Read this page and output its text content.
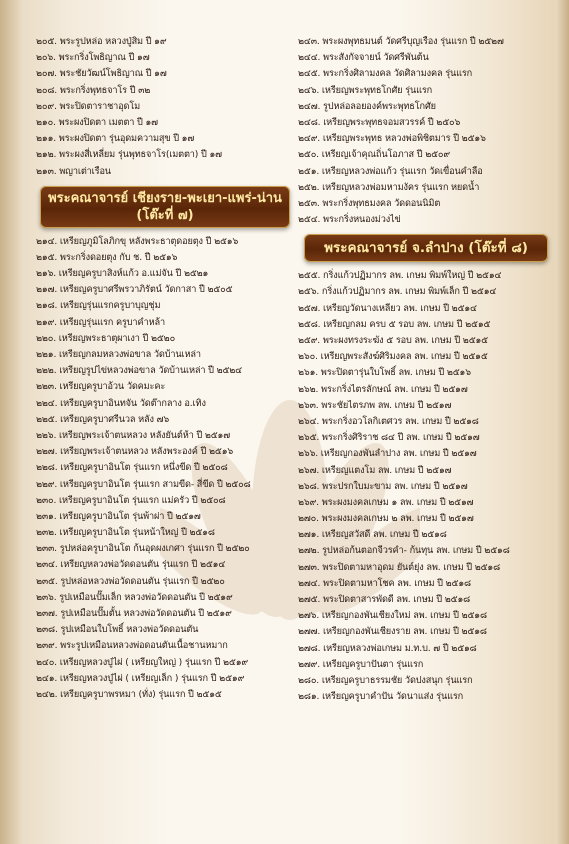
๒๐๕. พระรูปหล่อ หลวงปู่สิม ปี ๑๙
๒๐๖. พระกริ่งโพธิญาณ ปี ๑๗
๒๐๗. พระชัยวัฒน์โพธิญาณ ปี ๑๗
๒๐๘. พระกริ่งพุทธจาโร ปี ๓๒
๒๐๙. พระปิดตาราชาอุดโม
๒๑๐. พระผงปิดตา เมตตา ปี ๑๗
๒๑๑. พระผงปิดตา รุ่นอุดมความสุข ปี ๑๗
๒๑๒. พระผงสี่เหลี่ยม รุ่นพุทธจาโร(เมตตา) ปี ๑๗
๒๑๓. พญาเต่าเรือน
พระคณาจารย์ เชียงราย-พะเยา-แพร่-น่าน (โต๊ะที่ ๗)
๒๑๔. เหรียญภูมิโลภิกขุ หลังพระธาตุดอยตุง ปี ๒๕๑๖
๒๑๕. พระกริ่งดอยตุง กับ ช. ปี ๒๕๑๖
๒๑๖. เหรียญครูบาสิงห์แก้ว อ.แม่จัน ปี ๒๕๒๑
๒๑๗. เหรียญครูบาศรีพรวาภิรัตน์ วัดกาสา ปี ๒๕๐๕
๒๑๘. เหรียญรุ่นแรกครูบาบุญชุ่ม
๒๑๙. เหรียญรุ่นแรก ครูบาคำหล้า
๒๒๐. เหรียญพระธาตุผาเงา ปี ๒๕๒๐
๒๒๑. เหรียญกลมหลวงพ่อขาล วัดบ้านเหล่า
๒๒๒. เหรียญรูปไข่หลวงพ่อขาล วัดบ้านเหล่า ปี ๒๕๒๔
๒๒๓. เหรียญครูบาอ้วน วัดคมะคะ
๒๒๔. เหรียญครูบาอินทจัน วัดต๊ากลาง อ.เทิง
๒๒๕. เหรียญครูบาศรีนวล หลัง ๗๖
๒๒๖. เหรียญพระเจ้าตนหลวง หลังยันต์ห้า ปี ๒๕๑๗
๒๒๗. เหรียญพระเจ้าตนหลวง หลังพระองค์ ปี ๒๕๑๖
๒๒๘. เหรียญครูบาอินโต รุ่นแรก หนึ่งขีด ปี ๒๕๐๘
๒๒๙. เหรียญครูบาอินโต รุ่นแรก สามขีด- สี่ขีด ปี ๒๕๐๘
๒๓๐. เหรียญครูบาอินโต รุ่นแรก แม่ครัว ปี ๒๕๐๘
๒๓๑. เหรียญครูบาอินโต รุ่นพ้าผ่า ปี ๒๕๑๗
๒๓๒. เหรียญครูบาอินโต รุ่นหน้าใหญ่ ปี ๒๕๑๘
๒๓๓. รูปหล่อครูบาอินโต ก้นอุดผงเกศา รุ่นแรก ปี ๒๕๒๐
๒๓๔. เหรียญหลวงพ่อวัดดอนตัน รุ่นแรก ปี ๒๕๑๔
๒๓๕. รูปหล่อหลวงพ่อวัดดอนตัน รุ่นแรก ปี ๒๕๒๐
๒๓๖. รูปเหมือนปั๊มเล็ก หลวงพ่อวัดดอนตัน ปี ๒๕๑๙
๒๓๗. รูปเหมือนปั๊มตั้น หลวงพ่อวัดดอนตัน ปี ๒๕๑๙
๒๓๘. รูปเหมือนใบโพธิ์ หลวงพ่อวัดดอนตัน
๒๓๙. พระรูปเหมือนหลวงพ่อดอนตันเนื้อชานหมาก
๒๔๐. เหรียญหลวงปู่ไผ่ ( เหรียญใหญ่ ) รุ่นแรก ปี ๒๕๑๙
๒๔๑. เหรียญหลวงปู่ไผ่ ( เหรียญเล็ก ) รุ่นแรก ปี ๒๕๑๙
๒๔๒. เหรียญครูบาพรหมา (ทั่ง) รุ่นแรก ปี ๒๕๑๕
๒๔๓. พระผงพุทธมนต์ วัดศรีบุญเรือง รุ่นแรก ปี ๒๕๒๗
๒๔๔. พระสังกัจจายน์ วัดศรีพันต้น
๒๔๕. พระกริ่งศิลามงคล วัดศิลามงคล รุ่นแรก
๒๔๖. เหรียญพระพุทธโกศัย รุ่นแรก
๒๔๗. รูปหล่อลอยองค์พระพุทธโกศัย
๒๔๘. เหรียญพระพุทธจอมสวรรค์ ปี ๒๕๐๖
๒๔๙. เหรียญพระพุทธ หลวงพ่อพิชิตมาร ปี ๒๕๑๖
๒๕๐. เหรียญเจ้าคุณถิ่นโอภาส ปี ๒๕๐๙
๒๕๑. เหรียญหลวงพ่อแก้ว รุ่นแรก วัดเขื่อนคำลือ
๒๕๒. เหรียญหลวงพ่อมหามงัคร รุ่นแรก หยดน้ำ
๒๕๓. พระกริ่งพุทธมงคล วัดดอนนิมิต
๒๕๔. พระกริ่งหนองม่วงไข่
พระคณาจารย์ จ.ลำปาง (โต๊ะที่ ๘)
๒๕๕. กริ่งแก้วปฏิมากร ลพ. เกษม พิมพ์ใหญ่ ปี ๒๕๑๔
๒๕๖. กริ่งแก้วปฏิมากร ลพ. เกษม พิมพ์เล็ก ปี ๒๕๑๔
๒๕๗. เหรียญวัดนางเหลียว ลพ. เกษม ปี ๒๕๑๔
๒๕๘. เหรียญกลม ครบ ๕ รอบ ลพ. เกษม ปี ๒๕๑๕
๒๕๙. พระผงทรงระฆัง ๕ รอบ ลพ. เกษม ปี ๒๕๑๕
๒๖๐. เหรียญพระสังฆ์ศิริมงคล ลพ. เกษม ปี ๒๕๑๕
๒๖๑. พระปิดตารุ่นใบโพธิ์ ลพ. เกษม ปี ๒๕๑๖
๒๖๒. พระกริ่งไตรลักษณ์ ลพ. เกษม ปี ๒๕๑๗
๒๖๓. พระชัยไตรภพ ลพ. เกษม ปี ๒๕๑๗
๒๖๔. พระกริ่งอวโลกิเตศวร ลพ. เกษม ปี ๒๕๑๘
๒๖๕. พระกริ่งศิริราช ๘๔ ปี ลพ. เกษม ปี ๒๕๑๗
๒๖๖. เหรียญกองพันลำปาง ลพ. เกษม ปี ๒๕๑๗
๒๖๗. เหรียญแตงโม ลพ. เกษม ปี ๒๕๑๗
๒๖๘. พระปรกใบมะขาม ลพ. เกษม ปี ๒๕๑๗
๒๖๙. พระผงมงคลเกษม ๑ ลพ. เกษม ปี ๒๕๑๗
๒๗๐. พระผงมงคลเกษม ๒ ลพ. เกษม ปี ๒๕๑๗
๒๗๑. เหรียญสวัสดี ลพ. เกษม ปี ๒๕๑๘
๒๗๒. รูปหล่อก้นตอกจีวรคำ- ก้นทุน ลพ. เกษม ปี ๒๕๑๘
๒๗๓. พระปิดตามหาอุดม ยันต์ยุ่ง ลพ. เกษม ปี ๒๕๑๘
๒๗๔. พระปิดตามหาโชค ลพ. เกษม ปี ๒๕๑๘
๒๗๕. พระปิดตาสารพัดดี ลพ. เกษม ปี ๒๕๑๘
๒๗๖. เหรียญกองพันเชียงใหม่ ลพ. เกษม ปี ๒๕๑๘
๒๗๗. เหรียญกองพันเชียงราย ลพ. เกษม ปี ๒๕๑๘
๒๗๘. เหรียญหลวงพ่อเกษม ม.ท.บ. ๗ ปี ๒๕๑๘
๒๗๙. เหรียญครูบาปันตา รุ่นแรก
๒๘๐. เหรียญครูบาธรรมชัย วัดปงสนุก รุ่นแรก
๒๘๑. เหรียญครูบาคำปัน วัดนาแส่ง รุ่นแรก
